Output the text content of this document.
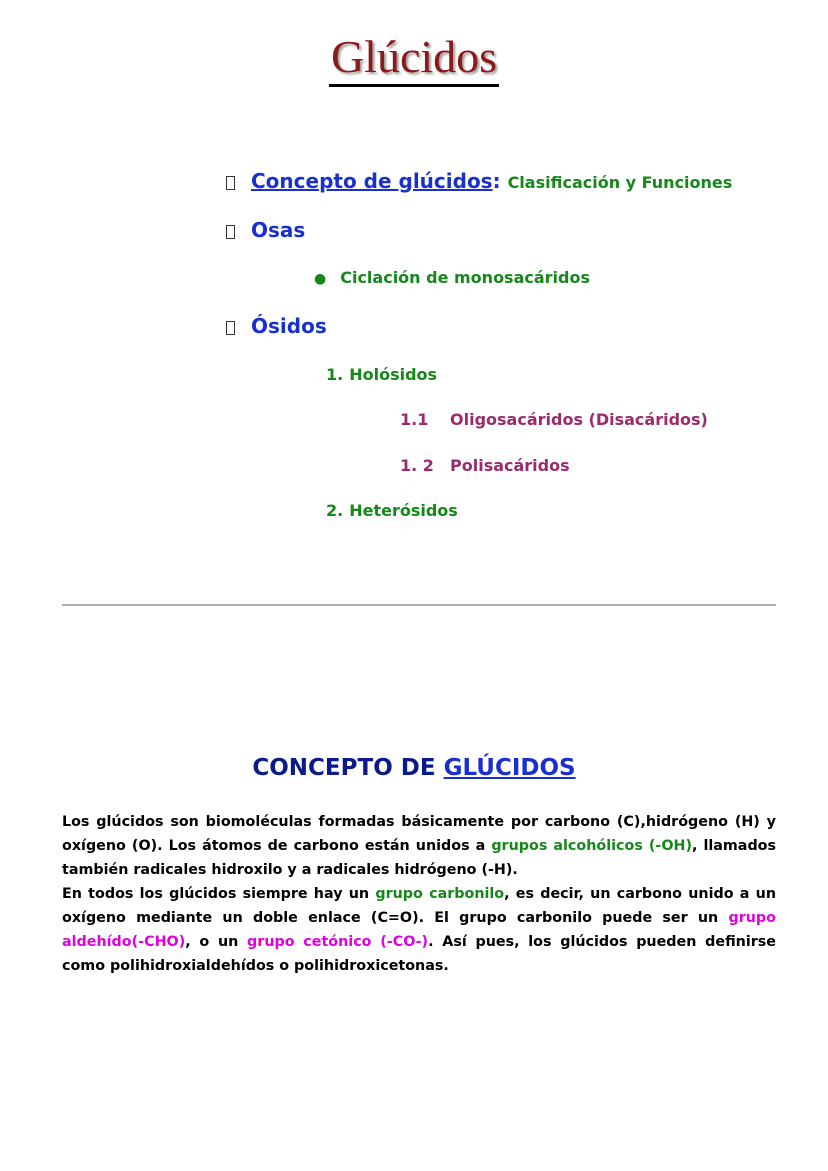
Glúcidos
Concepto de glúcidos: Clasificación y Funciones
Osas
● Ciclación de monosacáridos
Ósidos
1. Holósidos
1.1 Oligosacáridos (Disacáridos)
1. 2 Polisacáridos
2. Heterósidos
CONCEPTO DE GLÚCIDOS
Los glúcidos son biomoléculas formadas básicamente por carbono (C),hidrógeno (H) y oxígeno (O). Los átomos de carbono están unidos a grupos alcohólicos (-OH), llamados también radicales hidroxilo y a radicales hidrógeno (-H).
En todos los glúcidos siempre hay un grupo carbonilo, es decir, un carbono unido a un oxígeno mediante un doble enlace (C=O). El grupo carbonilo puede ser un grupo aldehído(-CHO), o un grupo cetónico (-CO-). Así pues, los glúcidos pueden definirse como polihidroxialdehídos o polihidroxicetonas.
